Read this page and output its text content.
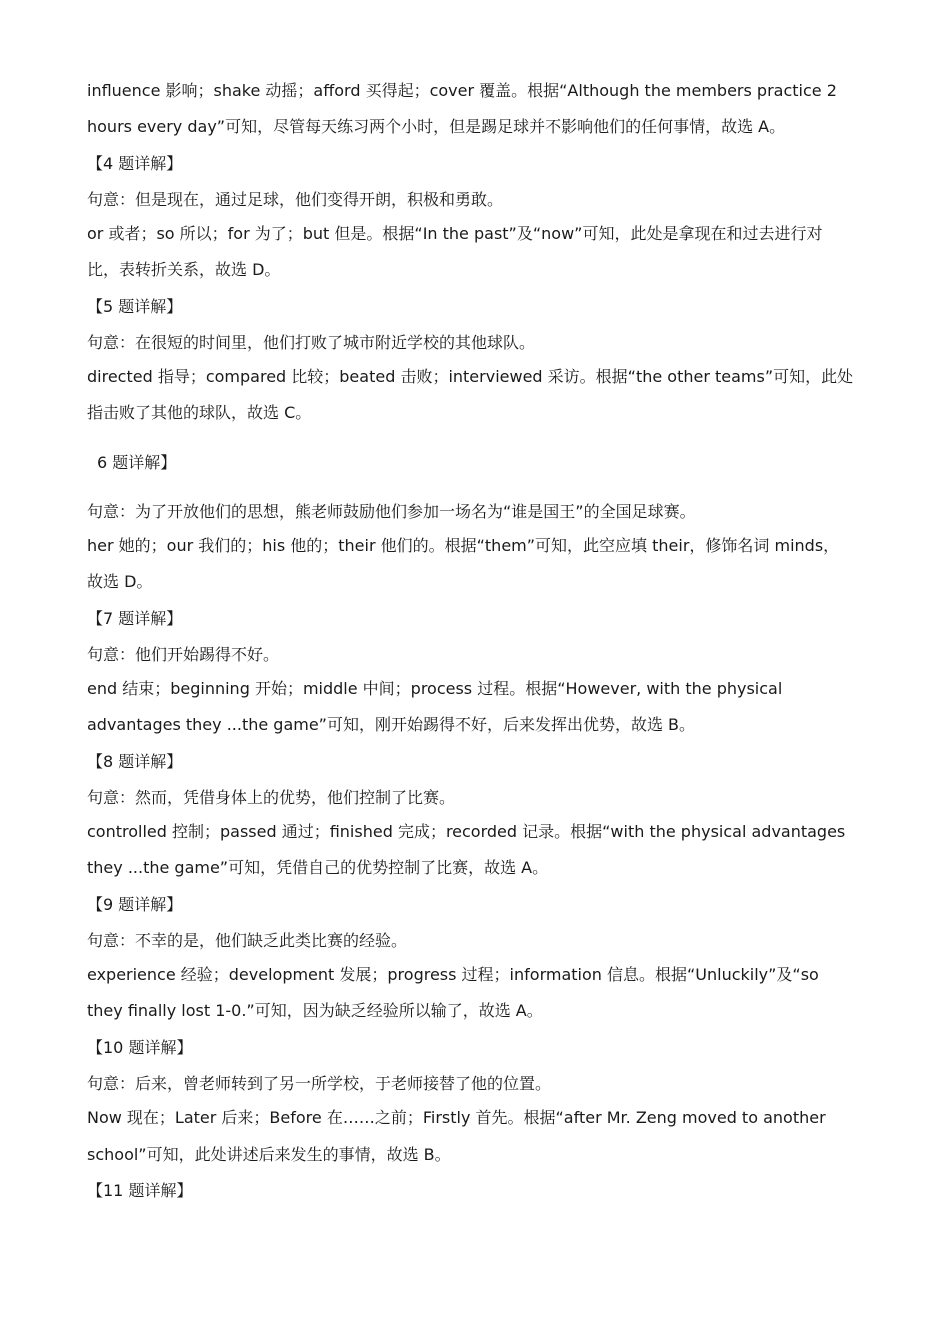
influence 影响；shake 动摇；afford 买得起；cover 覆盖。根据“Although the members practice 2
hours every day”可知，尽管每天练习两个小时，但是踢足球并不影响他们的任何事情，故选 A。
【4 题详解】
句意：但是现在，通过足球，他们变得开朗，积极和勇敢。
or 或者；so 所以；for 为了；but 但是。根据“In the past”及“now”可知，此处是拿现在和过去进行对
比，表转折关系，故选 D。
【5 题详解】
句意：在很短的时间里，他们打败了城市附近学校的其他球队。
directed 指导；compared 比较；beated 击败；interviewed 采访。根据“the other teams”可知，此处
指击败了其他的球队，故选 C。
6 题详解】
句意：为了开放他们的思想，熊老师鼓励他们参加一场名为“谁是国王”的全国足球赛。
her 她的；our 我们的；his 他的；their 他们的。根据“them”可知，此空应填 their，修饰名词 minds，
故选 D。
【7 题详解】
句意：他们开始踢得不好。
end 结束；beginning 开始；middle 中间；process 过程。根据“However, with the physical
advantages they ...the game”可知，刚开始踢得不好，后来发挥出优势，故选 B。
【8 题详解】
句意：然而，凭借身体上的优势，他们控制了比赛。
controlled 控制；passed 通过；finished 完成；recorded 记录。根据“with the physical advantages
they ...the game”可知，凭借自己的优势控制了比赛，故选 A。
【9 题详解】
句意：不幸的是，他们缺乏此类比赛的经验。
experience 经验；development 发展；progress 过程；information 信息。根据“Unluckily”及“so
they finally lost 1-0.”可知，因为缺乏经验所以输了，故选 A。
【10 题详解】
句意：后来，曾老师转到了另一所学校，于老师接替了他的位置。
Now 现在；Later 后来；Before 在……之前；Firstly 首先。根据“after Mr. Zeng moved to another
school”可知，此处讲述后来发生的事情，故选 B。
【11 题详解】
